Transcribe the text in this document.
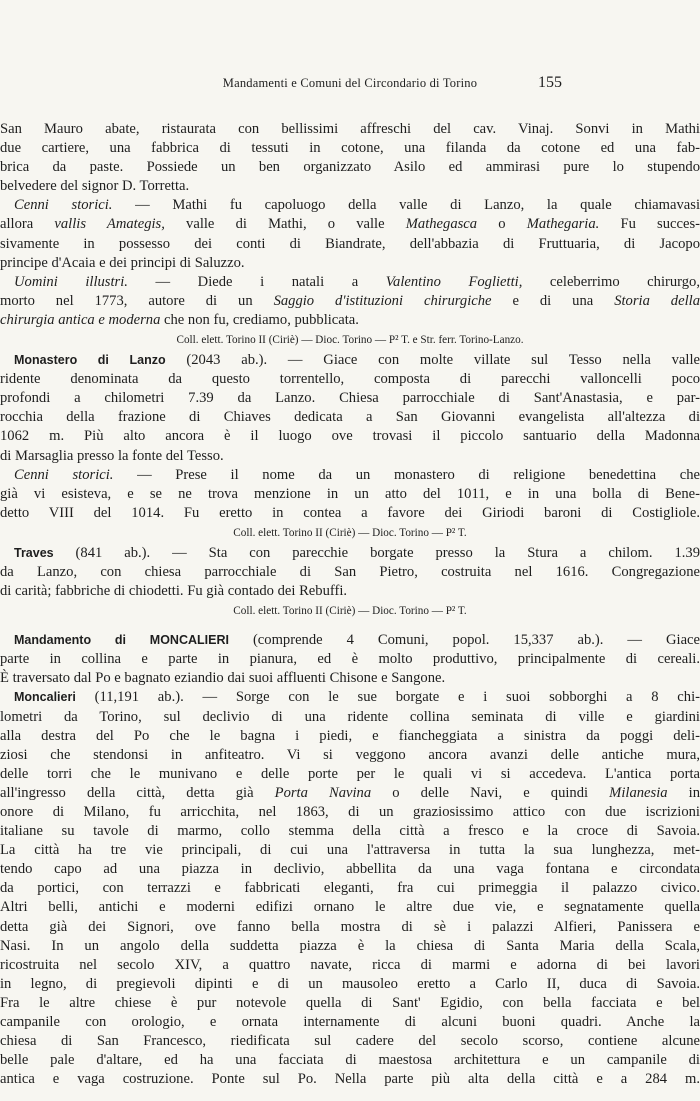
Mandamenti e Comuni del Circondario di Torino	155
San Mauro abate, ristaurata con bellissimi affreschi del cav. Vinaj. Sonvi in Mathi
due cartiere, una fabbrica di tessuti in cotone, una filanda da cotone ed una fab-
brica da paste. Possiede un ben organizzato Asilo ed ammirasi pure lo stupendo
belvedere del signor D. Torretta.
Cenni storici. — Mathi fu capoluogo della valle di Lanzo, la quale chiamavasi
allora vallis Amategis, valle di Mathi, o valle Mathegasca o Mathegaria. Fu succes-
sivamente in possesso dei conti di Biandrate, dell'abbazia di Fruttuaria, di Jacopo
principe d'Acaia e dei principi di Saluzzo.
Uomini illustri. — Diede i natali a Valentino Foglietti, celeberrimo chirurgo,
morto nel 1773, autore di un Saggio d'istituzioni chirurgiche e di una Storia della
chirurgia antica e moderna che non fu, crediamo, pubblicata.
Coll. elett. Torino II (Ciriè) — Dioc. Torino — P² T. e Str. ferr. Torino-Lanzo.
Monastero di Lanzo (2043 ab.). — Giace con molte villate sul Tesso nella valle
ridente denominata da questo torrentello, composta di parecchi valloncelli poco
profondi a chilometri 7.39 da Lanzo. Chiesa parrocchiale di Sant'Anastasia, e par-
rocchia della frazione di Chiaves dedicata a San Giovanni evangelista all'altezza di
1062 m. Più alto ancora è il luogo ove trovasi il piccolo santuario della Madonna
di Marsaglia presso la fonte del Tesso.
Cenni storici. — Prese il nome da un monastero di religione benedettina che
già vi esisteva, e se ne trova menzione in un atto del 1011, e in una bolla di Bene-
detto VIII del 1014. Fu eretto in contea a favore dei Giriodi baroni di Costigliole.
Coll. elett. Torino II (Ciriè) — Dioc. Torino — P² T.
Traves (841 ab.). — Sta con parecchie borgate presso la Stura a chilom. 1.39
da Lanzo, con chiesa parrocchiale di San Pietro, costruita nel 1616. Congregazione
di carità; fabbriche di chiodetti. Fu già contado dei Rebuffi.
Coll. elett. Torino II (Ciriè) — Dioc. Torino — P² T.
Mandamento di MONCALIERI (comprende 4 Comuni, popol. 15,337 ab.). — Giace
parte in collina e parte in pianura, ed è molto produttivo, principalmente di cereali.
È traversato dal Po e bagnato eziandio dai suoi affluenti Chisone e Sangone.
Moncalieri (11,191 ab.). — Sorge con le sue borgate e i suoi sobborghi a 8 chi-
lometri da Torino, sul declivio di una ridente collina seminata di ville e giardini
alla destra del Po che le bagna i piedi, e fiancheggiata a sinistra da poggi deli-
ziosi che stendonsi in anfiteatro. Vi si veggono ancora avanzi delle antiche mura,
delle torri che le munivano e delle porte per le quali vi si accedeva. L'antica porta
all'ingresso della città, detta già Porta Navina o delle Navi, e quindi Milanesia in
onore di Milano, fu arricchita, nel 1863, di un graziosissimo attico con due iscrizioni
italiane su tavole di marmo, collo stemma della città a fresco e la croce di Savoia.
La città ha tre vie principali, di cui una l'attraversa in tutta la sua lunghezza, met-
tendo capo ad una piazza in declivio, abbellita da una vaga fontana e circondata
da portici, con terrazzi e fabbricati eleganti, fra cui primeggia il palazzo civico.
Altri belli, antichi e moderni edifizi ornano le altre due vie, e segnatamente quella
detta già dei Signori, ove fanno bella mostra di sè i palazzi Alfieri, Panissera e
Nasi. In un angolo della suddetta piazza è la chiesa di Santa Maria della Scala,
ricostruita nel secolo XIV, a quattro navate, ricca di marmi e adorna di bei lavori
in legno, di pregievoli dipinti e di un mausoleo eretto a Carlo II, duca di Savoia.
Fra le altre chiese è pur notevole quella di Sant' Egidio, con bella facciata e bel
campanile con orologio, e ornata internamente di alcuni buoni quadri. Anche la
chiesa di San Francesco, riedificata sul cadere del secolo scorso, contiene alcune
belle pale d'altare, ed ha una facciata di maestosa architettura e un campanile di
antica e vaga costruzione. Ponte sul Po. Nella parte più alta della città e a 284 m.
